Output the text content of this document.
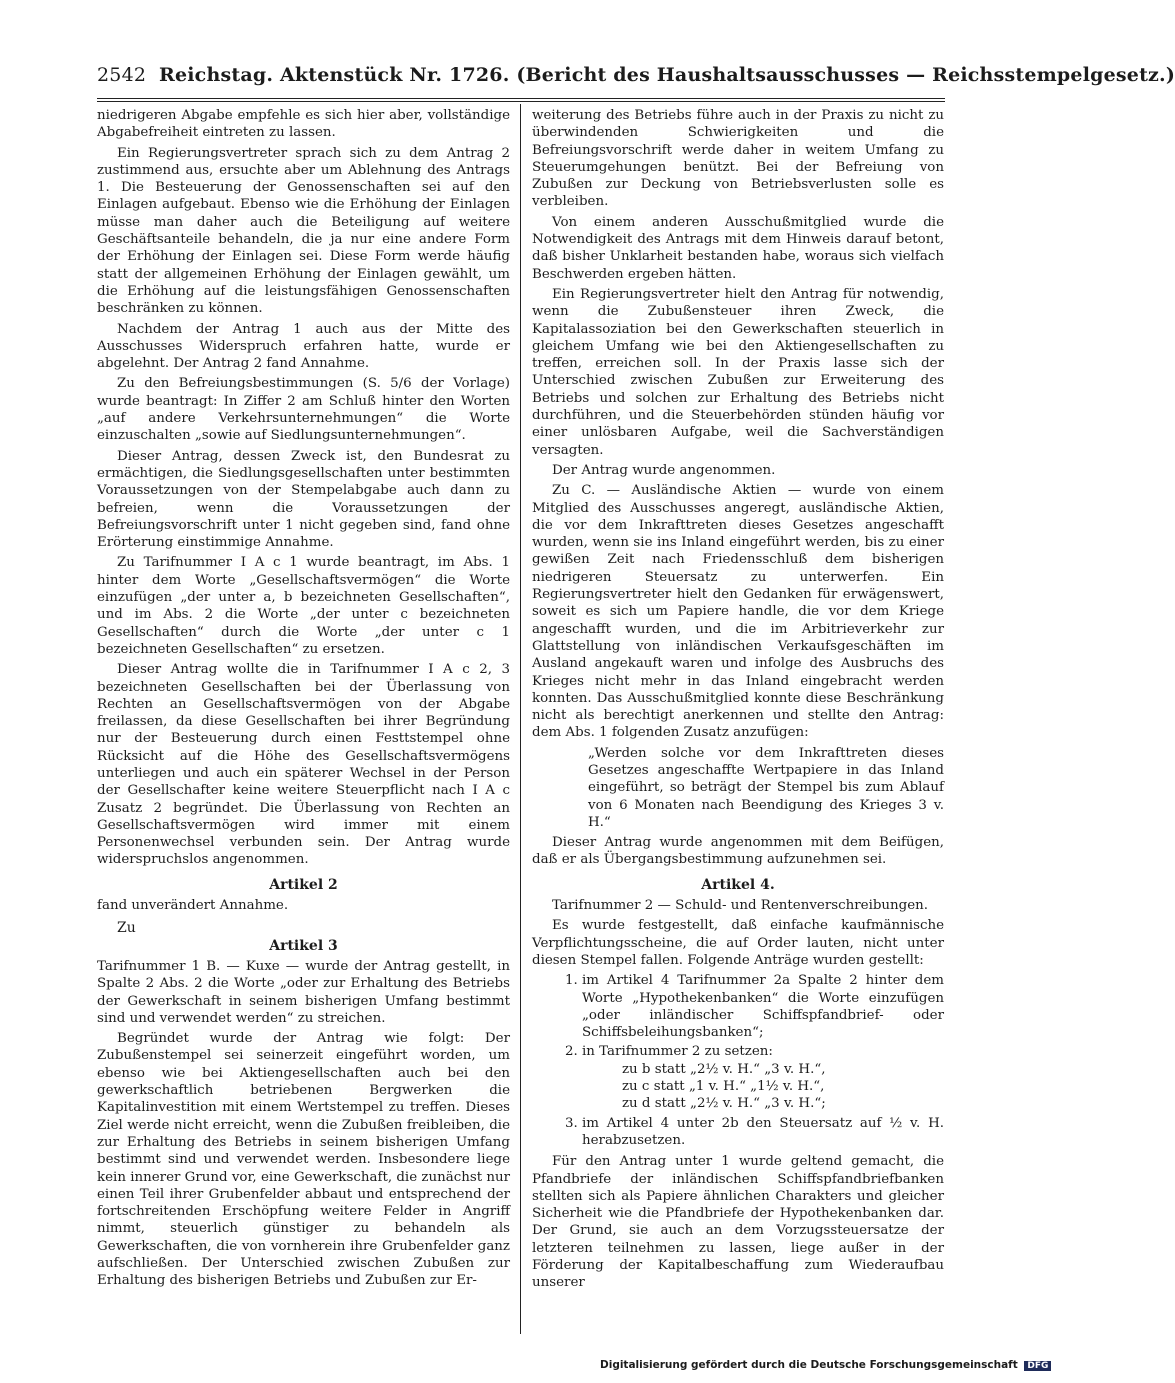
2542 Reichstag. Aktenstück Nr. 1726. (Bericht des Haushaltsausschusses — Reichsstempelgesetz.)

niedrigeren Abgabe empfehle es sich hier aber, vollständige Abgabefreiheit eintreten zu lassen.

Ein Regierungsvertreter sprach sich zu dem Antrag 2 zustimmend aus, ersuchte aber um Ablehnung des Antrags 1. Die Besteuerung der Genossenschaften sei auf den Einlagen aufgebaut. Ebenso wie die Erhöhung der Einlagen müsse man daher auch die Beteiligung auf weitere Geschäftsanteile behandeln, die ja nur eine andere Form der Erhöhung der Einlagen sei. Diese Form werde häufig statt der allgemeinen Erhöhung der Einlagen gewählt, um die Erhöhung auf die leistungsfähigen Genossenschaften beschränken zu können.

Nachdem der Antrag 1 auch aus der Mitte des Ausschusses Widerspruch erfahren hatte, wurde er abgelehnt. Der Antrag 2 fand Annahme.

Zu den Befreiungsbestimmungen (S. 5/6 der Vorlage) wurde beantragt: In Ziffer 2 am Schluß hinter den Worten „auf andere Verkehrsunternehmungen“ die Worte einzuschalten „sowie auf Siedlungsunternehmungen“.

Dieser Antrag, dessen Zweck ist, den Bundesrat zu ermächtigen, die Siedlungsgesellschaften unter bestimmten Voraussetzungen von der Stempelabgabe auch dann zu befreien, wenn die Voraussetzungen der Befreiungsvorschrift unter 1 nicht gegeben sind, fand ohne Erörterung einstimmige Annahme.

Zu Tarifnummer I A c 1 wurde beantragt, im Abs. 1 hinter dem Worte „Gesellschaftsvermögen“ die Worte einzufügen „der unter a, b bezeichneten Gesellschaften“, und im Abs. 2 die Worte „der unter c bezeichneten Gesellschaften“ durch die Worte „der unter c 1 bezeichneten Gesellschaften“ zu ersetzen.

Dieser Antrag wollte die in Tarifnummer I A c 2, 3 bezeichneten Gesellschaften bei der Überlassung von Rechten an Gesellschaftsvermögen von der Abgabe freilassen, da diese Gesellschaften bei ihrer Begründung nur der Besteuerung durch einen Festtstempel ohne Rücksicht auf die Höhe des Gesellschaftsvermögens unterliegen und auch ein späterer Wechsel in der Person der Gesellschafter keine weitere Steuerpflicht nach I A c Zusatz 2 begründet. Die Überlassung von Rechten an Gesellschaftsvermögen wird immer mit einem Personenwechsel verbunden sein. Der Antrag wurde widerspruchslos angenommen.

Artikel 2

fand unverändert Annahme.

Zu
Artikel 3

Tarifnummer 1 B. — Kuxe — wurde der Antrag gestellt, in Spalte 2 Abs. 2 die Worte „oder zur Erhaltung des Betriebs der Gewerkschaft in seinem bisherigen Umfang bestimmt sind und verwendet werden“ zu streichen.

Begründet wurde der Antrag wie folgt: Der Zubußenstempel sei seinerzeit eingeführt worden, um ebenso wie bei Aktiengesellschaften auch bei den gewerkschaftlich betriebenen Bergwerken die Kapitalinvestition mit einem Wertstempel zu treffen. Dieses Ziel werde nicht erreicht, wenn die Zubußen freibleiben, die zur Erhaltung des Betriebs in seinem bisherigen Umfang bestimmt sind und verwendet werden. Insbesondere liege kein innerer Grund vor, eine Gewerkschaft, die zunächst nur einen Teil ihrer Grubenfelder abbaut und entsprechend der fortschreitenden Erschöpfung weitere Felder in Angriff nimmt, steuerlich günstiger zu behandeln als Gewerkschaften, die von vornherein ihre Grubenfelder ganz aufschließen. Der Unterschied zwischen Zubußen zur Erhaltung des bisherigen Betriebs und Zubußen zur Er-

weiterung des Betriebs führe auch in der Praxis zu nicht zu überwindenden Schwierigkeiten und die Befreiungsvorschrift werde daher in weitem Umfang zu Steuerumgehungen benützt. Bei der Befreiung von Zubußen zur Deckung von Betriebsverlusten solle es verbleiben.

Von einem anderen Ausschußmitglied wurde die Notwendigkeit des Antrags mit dem Hinweis darauf betont, daß bisher Unklarheit bestanden habe, woraus sich vielfach Beschwerden ergeben hätten.

Ein Regierungsvertreter hielt den Antrag für notwendig, wenn die Zubußensteuer ihren Zweck, die Kapitalassoziation bei den Gewerkschaften steuerlich in gleichem Umfang wie bei den Aktiengesellschaften zu treffen, erreichen soll. In der Praxis lasse sich der Unterschied zwischen Zubußen zur Erweiterung des Betriebs und solchen zur Erhaltung des Betriebs nicht durchführen, und die Steuerbehörden stünden häufig vor einer unlösbaren Aufgabe, weil die Sachverständigen versagten.

Der Antrag wurde angenommen.

Zu C. — Ausländische Aktien — wurde von einem Mitglied des Ausschusses angeregt, ausländische Aktien, die vor dem Inkrafttreten dieses Gesetzes angeschafft wurden, wenn sie ins Inland eingeführt werden, bis zu einer gewißen Zeit nach Friedensschluß dem bisherigen niedrigeren Steuersatz zu unterwerfen. Ein Regierungsvertreter hielt den Gedanken für erwägenswert, soweit es sich um Papiere handle, die vor dem Kriege angeschafft wurden, und die im Arbitrieverkehr zur Glattstellung von inländischen Verkaufsgeschäften im Ausland angekauft waren und infolge des Ausbruchs des Krieges nicht mehr in das Inland eingebracht werden konnten. Das Ausschußmitglied konnte diese Beschränkung nicht als berechtigt anerkennen und stellte den Antrag: dem Abs. 1 folgenden Zusatz anzufügen:

„Werden solche vor dem Inkrafttreten dieses Gesetzes angeschaffte Wertpapiere in das Inland eingeführt, so beträgt der Stempel bis zum Ablauf von 6 Monaten nach Beendigung des Krieges 3 v. H.“

Dieser Antrag wurde angenommen mit dem Beifügen, daß er als Übergangsbestimmung aufzunehmen sei.

Artikel 4.

Tarifnummer 2 — Schuld- und Rentenverschreibungen.

Es wurde festgestellt, daß einfache kaufmännische Verpflichtungsscheine, die auf Order lauten, nicht unter diesen Stempel fallen. Folgende Anträge wurden gestellt:

1. im Artikel 4 Tarifnummer 2a Spalte 2 hinter dem Worte „Hypothekenbanken“ die Worte einzufügen „oder inländischer Schiffspfandbrief- oder Schiffsbeleihungsbanken“;
2. in Tarifnummer 2 zu setzen:
zu b statt „2½ v. H.“ „3 v. H.“,
zu c statt „1 v. H.“ „1½ v. H.“,
zu d statt „2½ v. H.“ „3 v. H.“;
3. im Artikel 4 unter 2b den Steuersatz auf ½ v. H. herabzusetzen.

Für den Antrag unter 1 wurde geltend gemacht, die Pfandbriefe der inländischen Schiffspfandbriefbanken stellten sich als Papiere ähnlichen Charakters und gleicher Sicherheit wie die Pfandbriefe der Hypothekenbanken dar. Der Grund, sie auch an dem Vorzugssteuersatze der letzteren teilnehmen zu lassen, liege außer in der Förderung der Kapitalbeschaffung zum Wiederaufbau unserer

Digitalisierung gefördert durch die Deutsche Forschungsgemeinschaft DFG
